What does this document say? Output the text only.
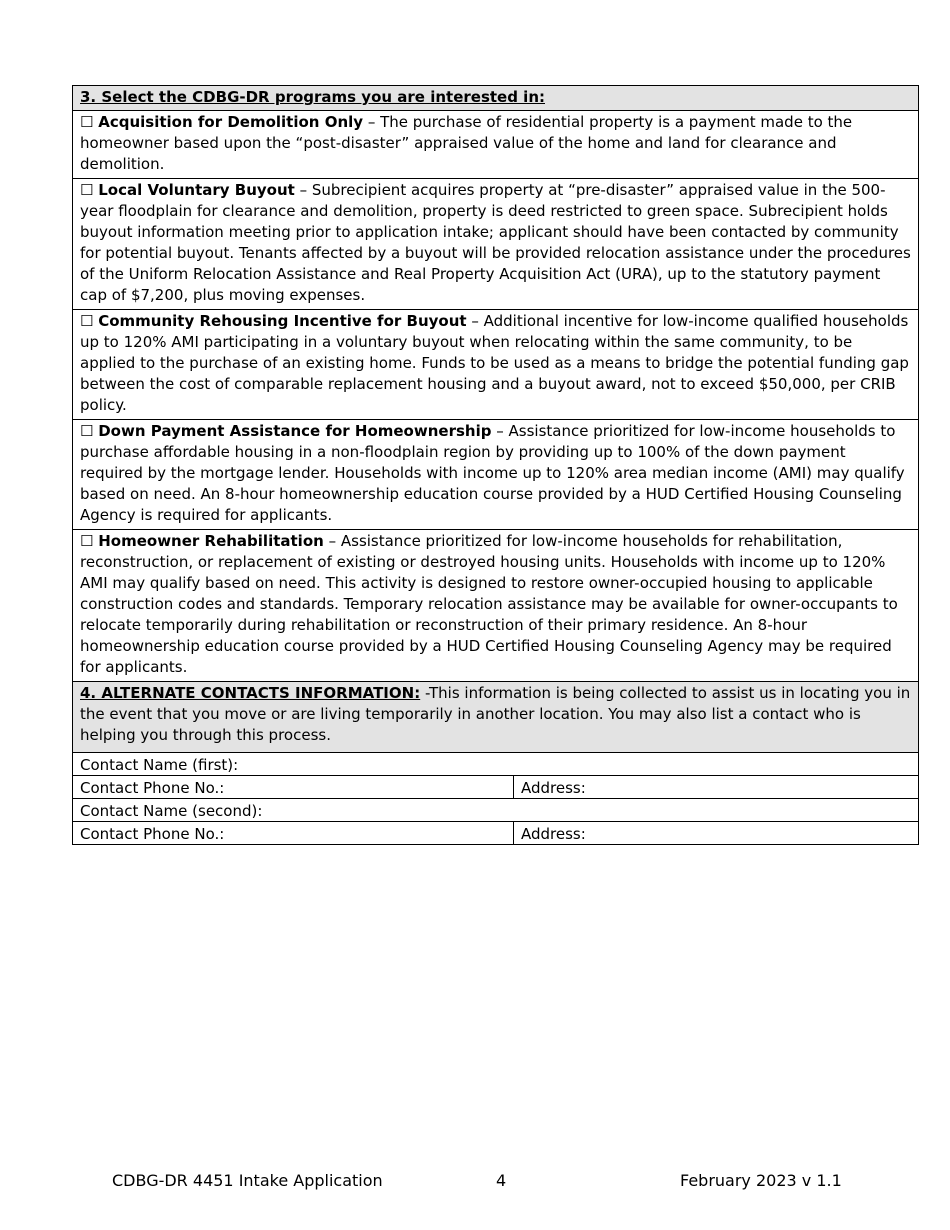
3. Select the CDBG-DR programs you are interested in:	
☐ Acquisition for Demolition Only – The purchase of residential property is a payment made to the homeowner based upon the “post-disaster” appraised value of the home and land for clearance and demolition.	
☐ Local Voluntary Buyout – Subrecipient acquires property at “pre-disaster” appraised value in the 500-year floodplain for clearance and demolition, property is deed restricted to green space. Subrecipient holds buyout information meeting prior to application intake; applicant should have been contacted by community for potential buyout. Tenants affected by a buyout will be provided relocation assistance under the procedures of the Uniform Relocation Assistance and Real Property Acquisition Act (URA), up to the statutory payment cap of $7,200, plus moving expenses.	
☐ Community Rehousing Incentive for Buyout – Additional incentive for low-income qualified households up to 120% AMI participating in a voluntary buyout when relocating within the same community, to be applied to the purchase of an existing home. Funds to be used as a means to bridge the potential funding gap between the cost of comparable replacement housing and a buyout award, not to exceed $50,000, per CRIB policy.	
☐ Down Payment Assistance for Homeownership – Assistance prioritized for low-income households to purchase affordable housing in a non-floodplain region by providing up to 100% of the down payment required by the mortgage lender. Households with income up to 120% area median income (AMI) may qualify based on need. An 8-hour homeownership education course provided by a HUD Certified Housing Counseling Agency is required for applicants.	
☐ Homeowner Rehabilitation – Assistance prioritized for low-income households for rehabilitation, reconstruction, or replacement of existing or destroyed housing units. Households with income up to 120% AMI may qualify based on need. This activity is designed to restore owner-occupied housing to applicable construction codes and standards. Temporary relocation assistance may be available for owner-occupants to relocate temporarily during rehabilitation or reconstruction of their primary residence. An 8-hour homeownership education course provided by a HUD Certified Housing Counseling Agency may be required for applicants.	
4. ALTERNATE CONTACTS INFORMATION: -This information is being collected to assist us in locating you in the event that you move or are living temporarily in another location. You may also list a contact who is helping you through this process.	
Contact Name (first):	
Contact Phone No.:	Address:
Contact Name (second):	
Contact Phone No.:	Address:
CDBG-DR 4451 Intake Application	4	February 2023 v 1.1
